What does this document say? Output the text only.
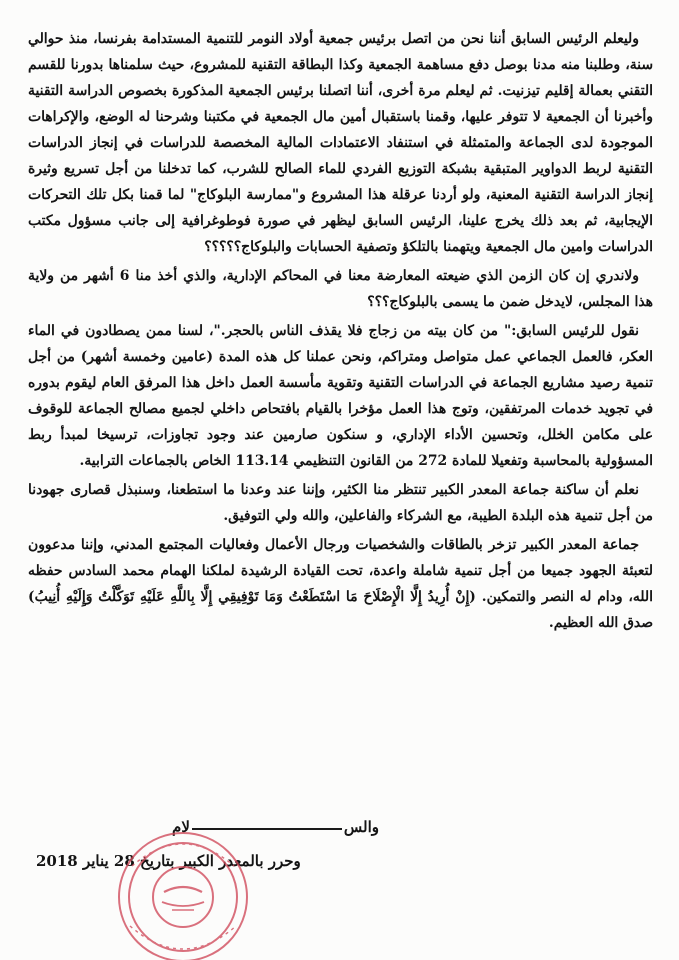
وليعلم الرئيس السابق أننا نحن من اتصل برئيس جمعية أولاد النومر للتنمية المستدامة بفرنسا، منذ حوالي سنة، وطلبنا منه مدنا بوصل دفع مساهمة الجمعية وكذا البطاقة التقنية للمشروع، حيث سلمناها بدورنا للقسم التقني بعمالة إقليم تيزنيت. ثم ليعلم مرة أخرى، أننا اتصلنا برئيس الجمعية المذكورة بخصوص الدراسة التقنية وأخبرنا أن الجمعية لا تتوفر عليها، وقمنا باستقبال أمين مال الجمعية في مكتبنا وشرحنا له الوضع، والإكراهات الموجودة لدى الجماعة والمتمثلة في استنفاد الاعتمادات المالية المخصصة للدراسات في إنجاز الدراسات التقنية لربط الدواوير المتبقية بشبكة التوزيع الفردي للماء الصالح للشرب، كما تدخلنا من أجل تسريع وثيرة إنجاز الدراسة التقنية المعنية، ولو أردنا عرقلة هذا المشروع و"ممارسة البلوكاج" لما قمنا بكل تلك التحركات الإيجابية، ثم بعد ذلك يخرج علينا، الرئيس السابق ليظهر في صورة فوطوغرافية إلى جانب مسؤول مكتب الدراسات وامين مال الجمعية ويتهمنا بالتلكؤ وتصفية الحسابات والبلوكاج؟؟؟؟؟

ولاندري إن كان الزمن الذي ضيعته المعارضة معنا في المحاكم الإدارية، والذي أخذ منا 6 أشهر من ولاية هذا المجلس، لايدخل ضمن ما يسمى بالبلوكاج؟؟؟

نقول للرئيس السابق:" من كان بيته من زجاج فلا يقذف الناس بالحجر."، لسنا ممن يصطادون في الماء العكر، فالعمل الجماعي عمل متواصل ومتراكم، ونحن عملنا كل هذه المدة (عامين وخمسة أشهر) من أجل تنمية رصيد مشاريع الجماعة في الدراسات التقنية وتقوية مأسسة العمل داخل هذا المرفق العام ليقوم بدوره في تجويد خدمات المرتفقين، وتوج هذا العمل مؤخرا بالقيام بافتحاص داخلي لجميع مصالح الجماعة للوقوف على مكامن الخلل، وتحسين الأداء الإداري، و سنكون صارمين عند وجود تجاوزات، ترسيخا لمبدأ ربط المسؤولية بالمحاسبة وتفعيلا للمادة 272 من القانون التنظيمي 113.14 الخاص بالجماعات الترابية.

نعلم أن ساكنة جماعة المعدر الكبير تنتظر منا الكثير، وإننا عند وعدنا ما استطعنا، وسنبذل قصارى جهودنا من أجل تنمية هذه البلدة الطيبة، مع الشركاء والفاعلين، والله ولي التوفيق.

جماعة المعدر الكبير تزخر بالطاقات والشخصيات ورجال الأعمال وفعاليات المجتمع المدني، وإننا مدعوون لتعبئة الجهود جميعا من أجل تنمية شاملة واعدة، تحت القيادة الرشيدة لملكنا الهمام محمد السادس حفظه الله، ودام له النصر والتمكين. (إِنْ أُرِيدُ إِلَّا الْإِصْلَاحَ مَا اسْتَطَعْتُ وَمَا تَوْفِيقِي إِلَّا بِاللَّهِ عَلَيْهِ تَوَكَّلْتُ وَإِلَيْهِ أُنِيبُ) صدق الله العظيم.

والسلام
وحرر بالمعدر الكبير بتاريخ 28 يناير 2018
